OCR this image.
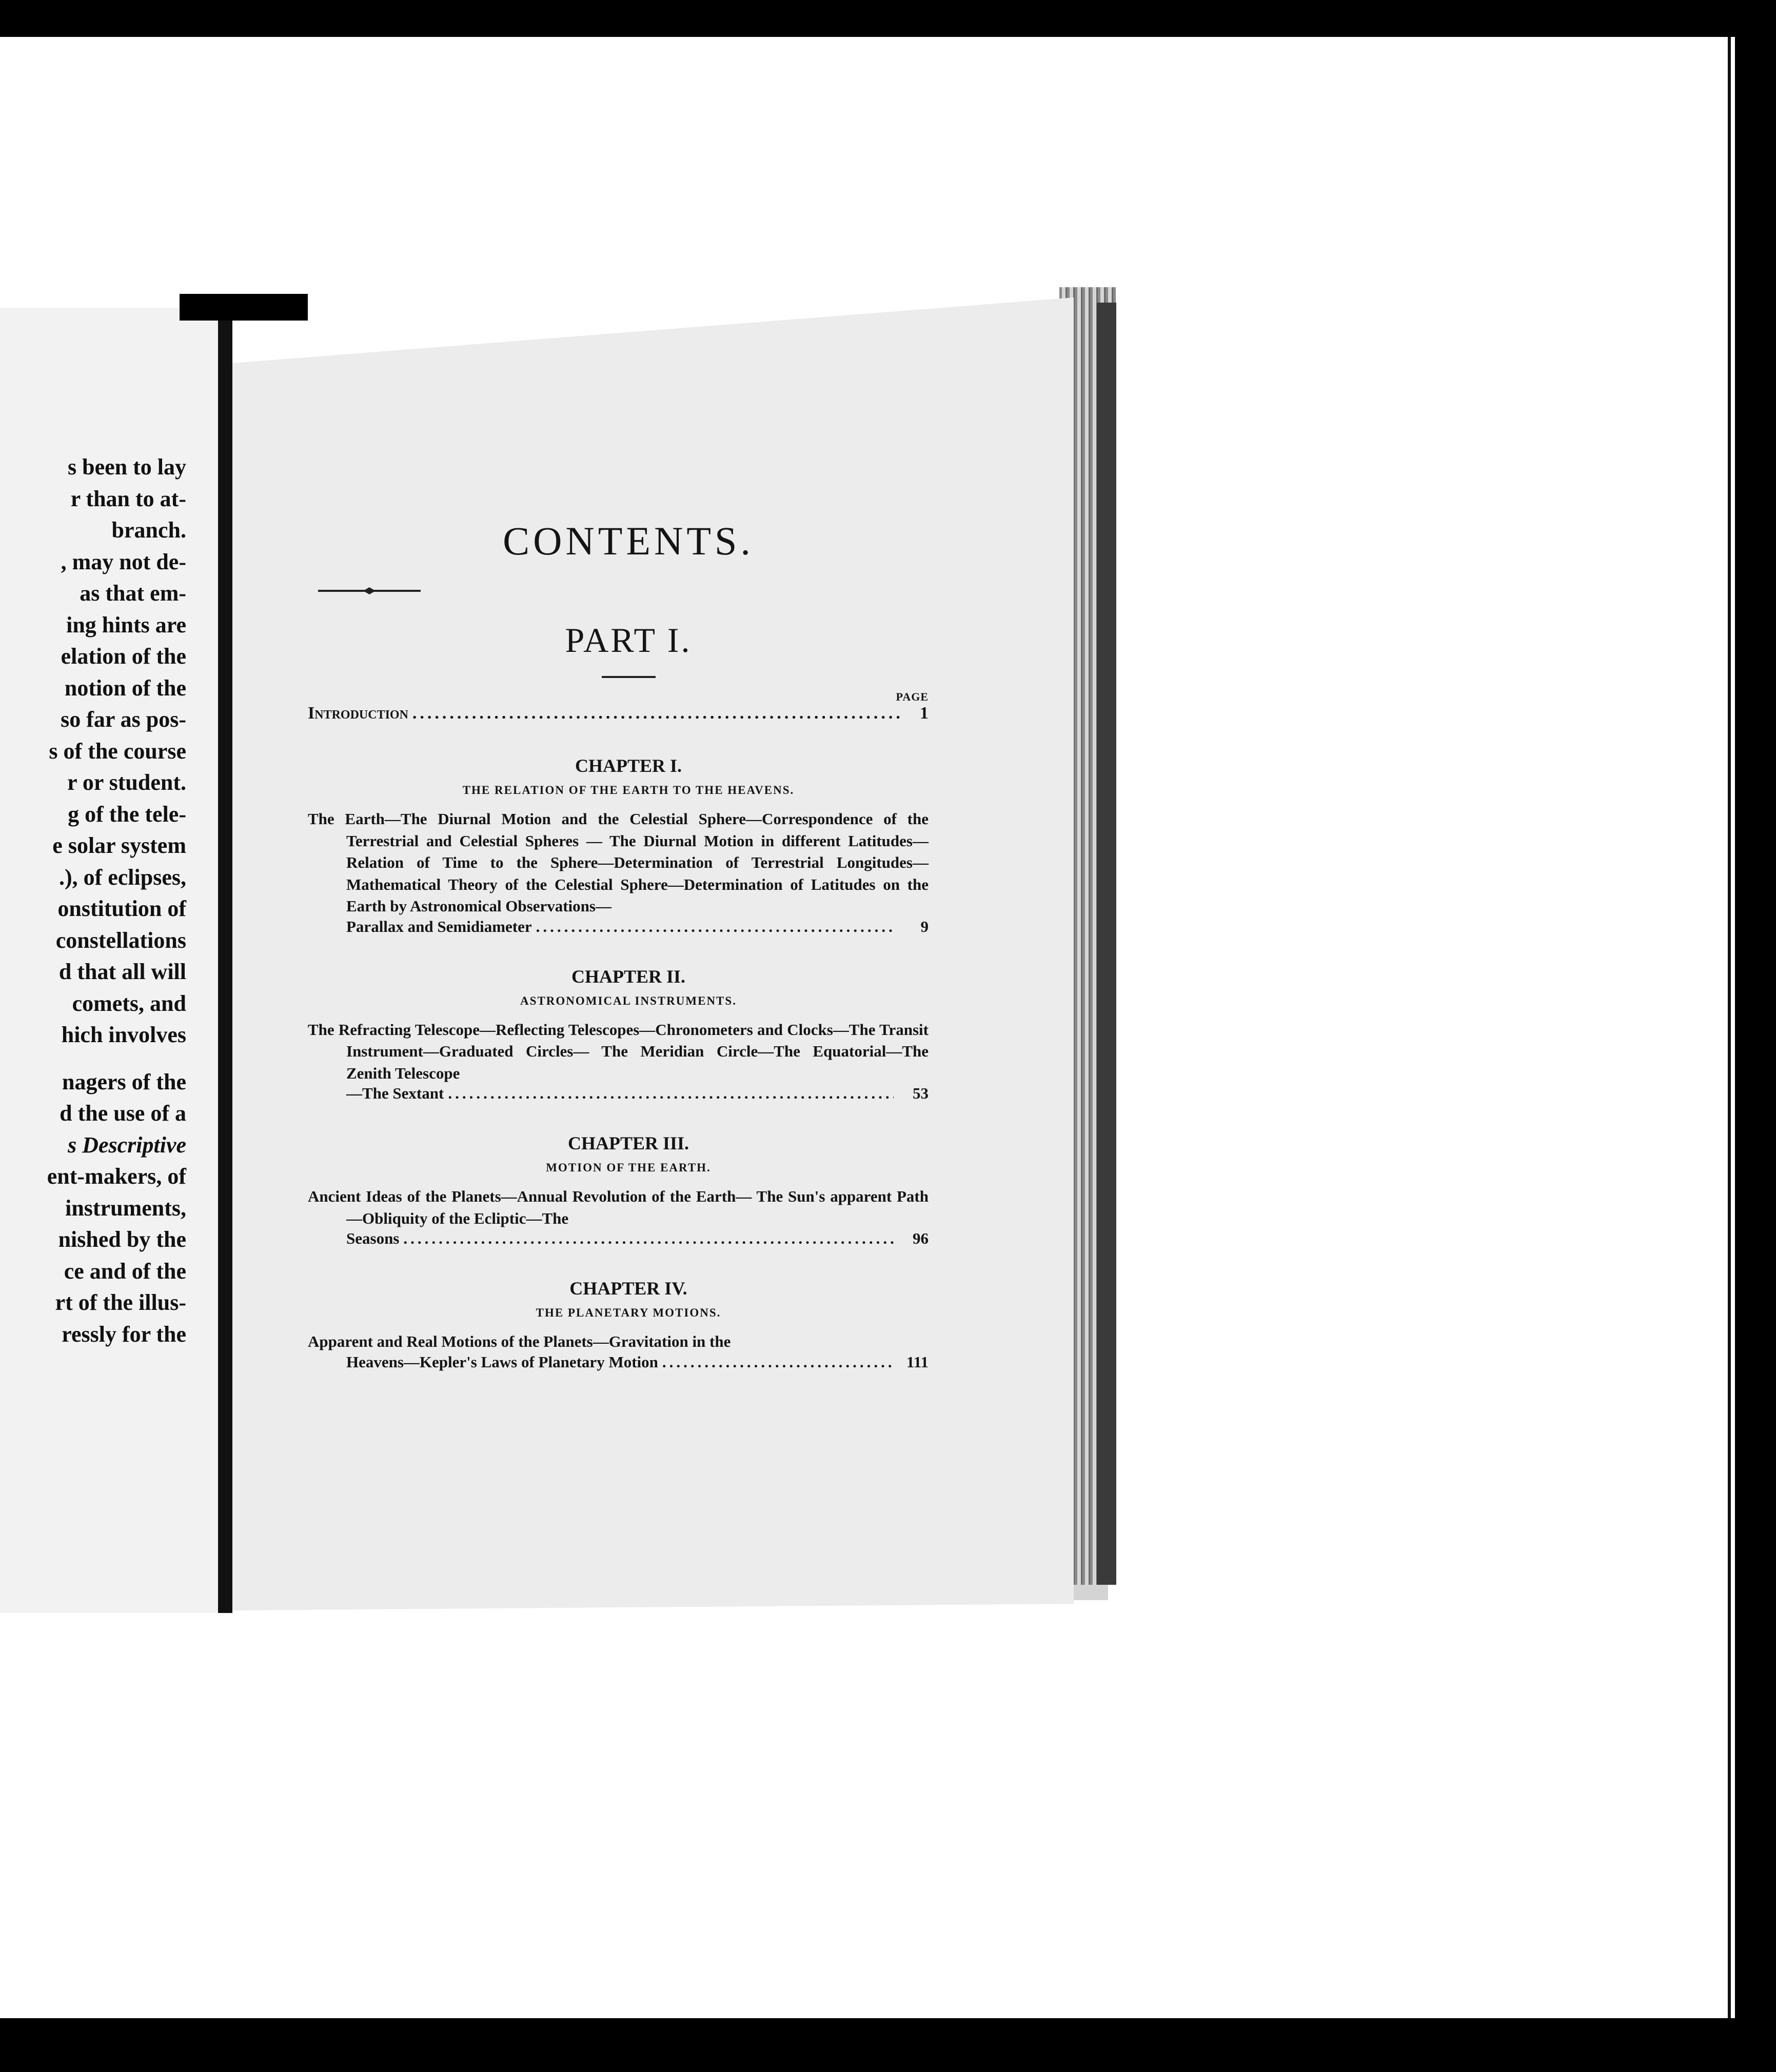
s been to lay
r than to at-
branch.
, may not de-
as that em-
ing hints are
elation of the
notion of the
so far as pos-
s of the course
r or student.
g of the tele-
e solar system
.), of eclipses,
onstitution of
constellations
d that all will
comets, and
hich involves
nagers of the
d the use of a
s Descriptive
ent-makers, of
instruments,
nished by the
ce and of the
rt of the illus-
ressly for the
CONTENTS.
PART I.
PAGE
Introduction .....	1
CHAPTER I.
THE RELATION OF THE EARTH TO THE HEAVENS.
The Earth—The Diurnal Motion and the Celestial Sphere—Correspondence of the Terrestrial and Celestial Spheres — The Diurnal Motion in different Latitudes—Relation of Time to the Sphere—Determination of Terrestrial Longitudes—Mathematical Theory of the Celestial Sphere—Determination of Latitudes on the Earth by Astronomical Observations—
Parallax and Semidiameter .....	9
CHAPTER II.
ASTRONOMICAL INSTRUMENTS.
The Refracting Telescope—Reflecting Telescopes—Chronometers and Clocks—The Transit Instrument—Graduated Circles— The Meridian Circle—The Equatorial—The Zenith Telescope
—The Sextant .....	53
CHAPTER III.
MOTION OF THE EARTH.
Ancient Ideas of the Planets—Annual Revolution of the Earth— The Sun's apparent Path—Obliquity of the Ecliptic—The
Seasons .....	96
CHAPTER IV.
THE PLANETARY MOTIONS.
Apparent and Real Motions of the Planets—Gravitation in the
Heavens—Kepler's Laws of Planetary Motion .....	111
